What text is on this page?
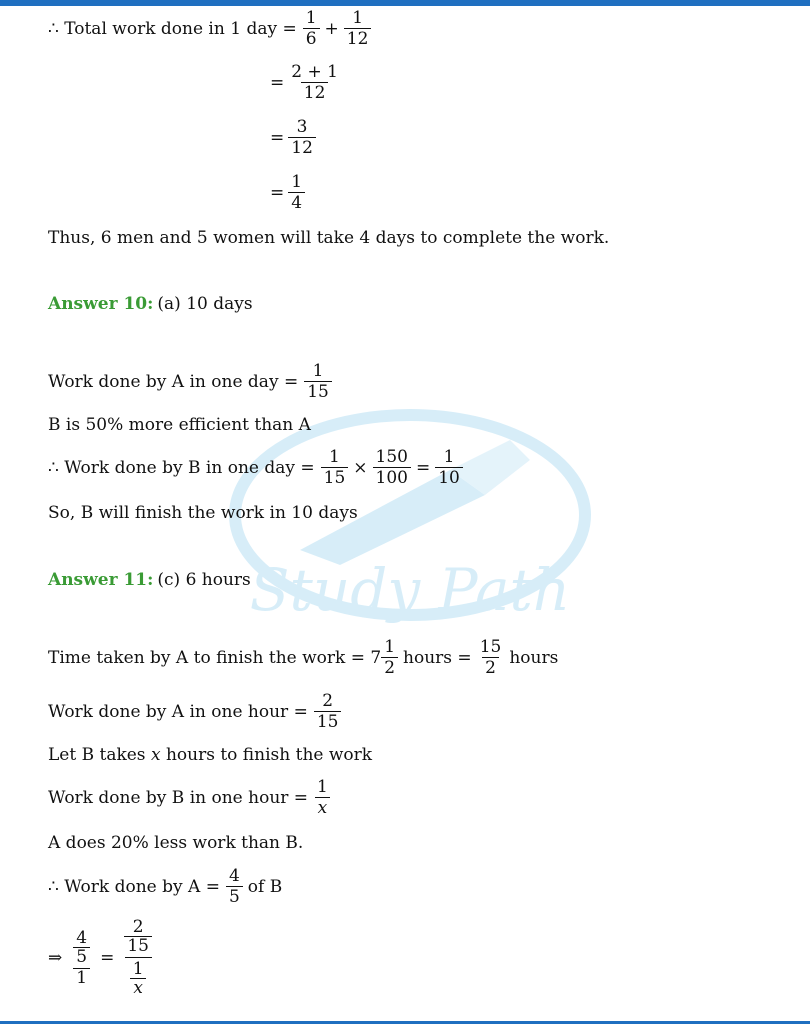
Study Path
∴ Total work done in 1 day = $\frac{1}{6} + \frac{1}{12}$
= $\frac{2 + 1}{12}$
= $\frac{3}{12}$
= $\frac{1}{4}$
Thus, 6 men and 5 women will take 4 days to complete the work.
Answer 10: (a) 10 days
Work done by A in one day = $\frac{1}{15}$
B is 50% more efficient than A
∴ Work done by B in one day = $\frac{1}{15} \times \frac{150}{100} = \frac{1}{10}$
So, B will finish the work in 10 days
Answer 11: (c) 6 hours
Time taken by A to finish the work = $7 \frac{1}{2}$ hours = $\frac{15}{2}$ hours
Work done by A in one hour = $\frac{2}{15}$
Let B takes
x
hours to finish the work
Work done by B in one hour = $\frac{1}{x}$
A does 20% less work than B.
∴ Work done by $A = \frac{4}{5}$ of B
⇒ $\frac{\frac{4}{5}}{1} = \frac{\frac{2}{15}}{\frac{1}{x}}$
